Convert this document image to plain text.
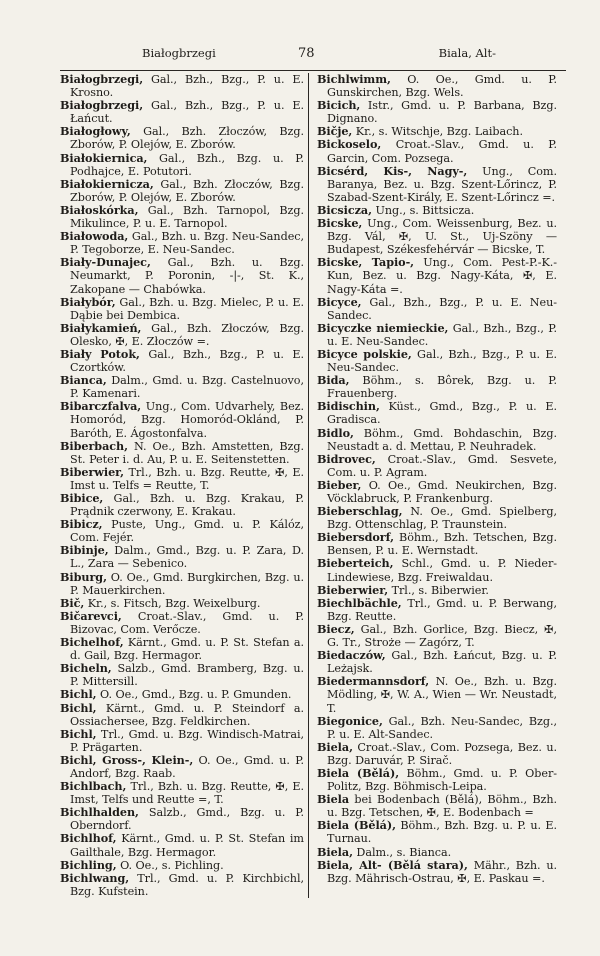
Białogbrzegi	78	Biala, Alt-

Białogbrzegi, Gal., Bzh., Bzg., P. u. E. Krosno.

Białogbrzegi, Gal., Bzh., Bzg., P. u. E. Łańcut.

Białogłowy, Gal., Bzh. Złoczów, Bzg. Zborów, P. Olejów, E. Zborów.

Białokiernica, Gal., Bzh., Bzg. u. P. Podhajce, E. Potutori.

Białokiernicza, Gal., Bzh. Złoczów, Bzg. Zborów, P. Olejów, E. Zborów.

Białoskórka, Gal., Bzh. Tarnopol, Bzg. Mikulince, P. u. E. Tarnopol.

Białowoda, Gal., Bzh. u. Bzg. Neu-Sandec, P. Tegoborze, E. Neu-Sandec.

Biały-Dunajec, Gal., Bzh. u. Bzg. Neumarkt, P. Poronin, -|-, St. K., Zakopane — Chabówka.

Białybór, Gal., Bzh. u. Bzg. Mielec, P. u. E. Dąbie bei Dembica.

Białykamień, Gal., Bzh. Złoczów, Bzg. Olesko, ✠, E. Złoczów =.

Biały Potok, Gal., Bzh., Bzg., P. u. E. Czortków.

Bianca, Dalm., Gmd. u. Bzg. Castelnuovo, P. Kamenari.

Bibarczfalva, Ung., Com. Udvarhely, Bez. Homoród, Bzg. Homoród-Oklánd, P. Baróth, E. Ágostonfalva.

Biberbach, N. Oe., Bzh. Amstetten, Bzg. St. Peter i. d. Au, P. u. E. Seitenstetten.

Biberwier, Trl., Bzh. u. Bzg. Reutte, ✠, E. Imst u. Telfs = Reutte, T.

Bibice, Gal., Bzh. u. Bzg. Krakau, P. Prądnik czerwony, E. Krakau.

Bibicz, Puste, Ung., Gmd. u. P. Kálóz, Com. Fejér.

Bibinje, Dalm., Gmd., Bzg. u. P. Zara, D. L., Zara — Sebenico.

Biburg, O. Oe., Gmd. Burgkirchen, Bzg. u. P. Mauerkirchen.

Bič, Kr., s. Fitsch, Bzg. Weixelburg.

Bičarevci, Croat.-Slav., Gmd. u. P. Bizovac, Com. Verőcze.

Bichelhof, Kärnt., Gmd. u. P. St. Stefan a. d. Gail, Bzg. Hermagor.

Bicheln, Salzb., Gmd. Bramberg, Bzg. u. P. Mittersill.

Bichl, O. Oe., Gmd., Bzg. u. P. Gmunden.

Bichl, Kärnt., Gmd. u. P. Steindorf a. Ossiachersee, Bzg. Feldkirchen.

Bichl, Trl., Gmd. u. Bzg. Windisch-Matrai, P. Prägarten.

Bichl, Gross-, Klein-, O. Oe., Gmd. u. P. Andorf, Bzg. Raab.

Bichlbach, Trl., Bzh. u. Bzg. Reutte, ✠, E. Imst, Telfs und Reutte =, T.

Bichlhalden, Salzb., Gmd., Bzg. u. P. Oberndorf.

Bichlhof, Kärnt., Gmd. u. P. St. Stefan im Gailthale, Bzg. Hermagor.

Bichling, O. Oe., s. Pichling.

Bichlwang, Trl., Gmd. u. P. Kirchbichl, Bzg. Kufstein.

Bichlwimm, O. Oe., Gmd. u. P. Gunskirchen, Bzg. Wels.

Bicich, Istr., Gmd. u. P. Barbana, Bzg. Dignano.

Bičje, Kr., s. Witschje, Bzg. Laibach.

Bickoselo, Croat.-Slav., Gmd. u. P. Garcin, Com. Pozsega.

Bicsérd, Kis-, Nagy-, Ung., Com. Baranya, Bez. u. Bzg. Szent-Lőrincz, P. Szabad-Szent-Király, E. Szent-Lőrincz =.

Bicsicza, Ung., s. Bittsicza.

Bicske, Ung., Com. Weissenburg, Bez. u. Bzg. Vál, ✠, U. St., Uj-Szöny — Budapest, Székesfehérvár — Bicske, T.

Bicske, Tapio-, Ung., Com. Pest-P.-K.-Kun, Bez. u. Bzg. Nagy-Káta, ✠, E. Nagy-Káta =.

Bicyce, Gal., Bzh., Bzg., P. u. E. Neu-Sandec.

Bicyczke niemieckie, Gal., Bzh., Bzg., P. u. E. Neu-Sandec.

Bicyce polskie, Gal., Bzh., Bzg., P. u. E. Neu-Sandec.

Bida, Böhm., s. Bôrek, Bzg. u. P. Frauenberg.

Bidischin, Küst., Gmd., Bzg., P. u. E. Gradisca.

Bidlo, Böhm., Gmd. Bohdaschin, Bzg. Neustadt a. d. Mettau, P. Neuhradek.

Bidrovec, Croat.-Slav., Gmd. Sesvete, Com. u. P. Agram.

Bieber, O. Oe., Gmd. Neukirchen, Bzg. Vöcklabruck, P. Frankenburg.

Bieberschlag, N. Oe., Gmd. Spielberg, Bzg. Ottenschlag, P. Traunstein.

Biebersdorf, Böhm., Bzh. Tetschen, Bzg. Bensen, P. u. E. Wernstadt.

Bieberteich, Schl., Gmd. u. P. Nieder-Lindewiese, Bzg. Freiwaldau.

Bieberwier, Trl., s. Biberwier.

Biechlbächle, Trl., Gmd. u. P. Berwang, Bzg. Reutte.

Biecz, Gal., Bzh. Gorlice, Bzg. Biecz, ✠, G. Tr., Stroże — Zagórz, T.

Biedaczów, Gal., Bzh. Łańcut, Bzg. u. P. Leżajsk.

Biedermannsdorf, N. Oe., Bzh. u. Bzg. Mödling, ✠, W. A., Wien — Wr. Neustadt, T.

Biegonice, Gal., Bzh. Neu-Sandec, Bzg., P. u. E. Alt-Sandec.

Biela, Croat.-Slav., Com. Pozsega, Bez. u. Bzg. Daruvár, P. Sirač.

Biela (Bělá), Böhm., Gmd. u. P. Ober-Politz, Bzg. Böhmisch-Leipa.

Biela bei Bodenbach (Bělá), Böhm., Bzh. u. Bzg. Tetschen, ✠, E. Bodenbach =

Biela (Bělá), Böhm., Bzh. Bzg. u. P. u. E. Turnau.

Biela, Dalm., s. Bianca.

Biela, Alt- (Bělá stara), Mähr., Bzh. u. Bzg. Mährisch-Ostrau, ✠, E. Paskau =.
